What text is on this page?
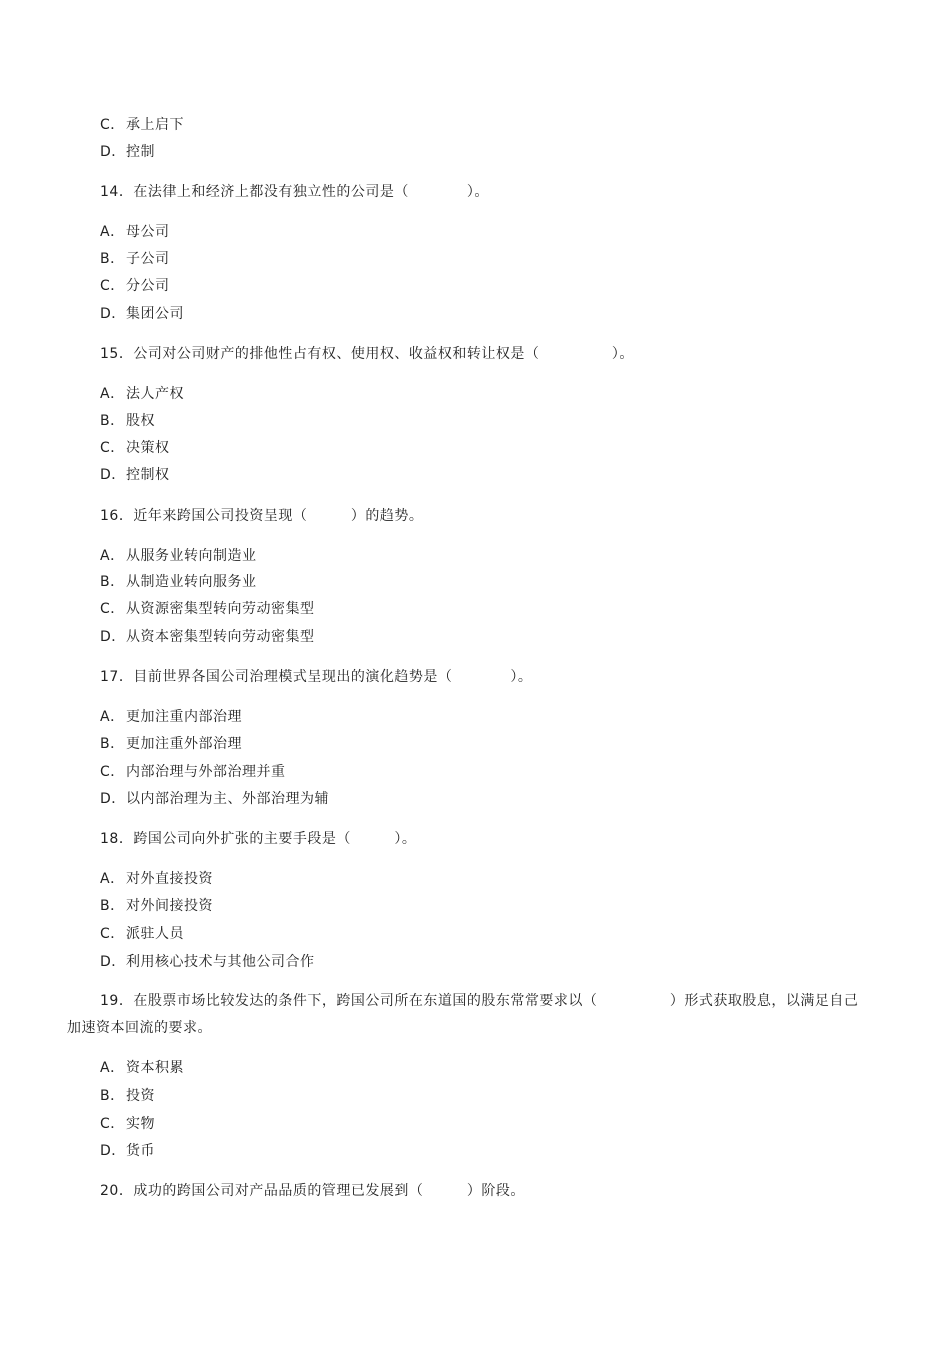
C．承上启下
D．控制
14．在法律上和经济上都没有独立性的公司是（　　　　）。
A．母公司
B．子公司
C．分公司
D．集团公司
15．公司对公司财产的排他性占有权、使用权、收益权和转让权是（　　　　　）。
A．法人产权
B．股权
C．决策权
D．控制权
16．近年来跨国公司投资呈现（　　　）的趋势。
A．从服务业转向制造业
B．从制造业转向服务业
C．从资源密集型转向劳动密集型
D．从资本密集型转向劳动密集型
17．目前世界各国公司治理模式呈现出的演化趋势是（　　　　）。
A．更加注重内部治理
B．更加注重外部治理
C．内部治理与外部治理并重
D．以内部治理为主、外部治理为辅
18．跨国公司向外扩张的主要手段是（　　　）。
A．对外直接投资
B．对外间接投资
C．派驻人员
D．利用核心技术与其他公司合作
19．在股票市场比较发达的条件下，跨国公司所在东道国的股东常常要求以（　　　　　）形式获取股息，以满足自己
加速资本回流的要求。
A．资本积累
B．投资
C．实物
D．货币
20．成功的跨国公司对产品品质的管理已发展到（　　　）阶段。
